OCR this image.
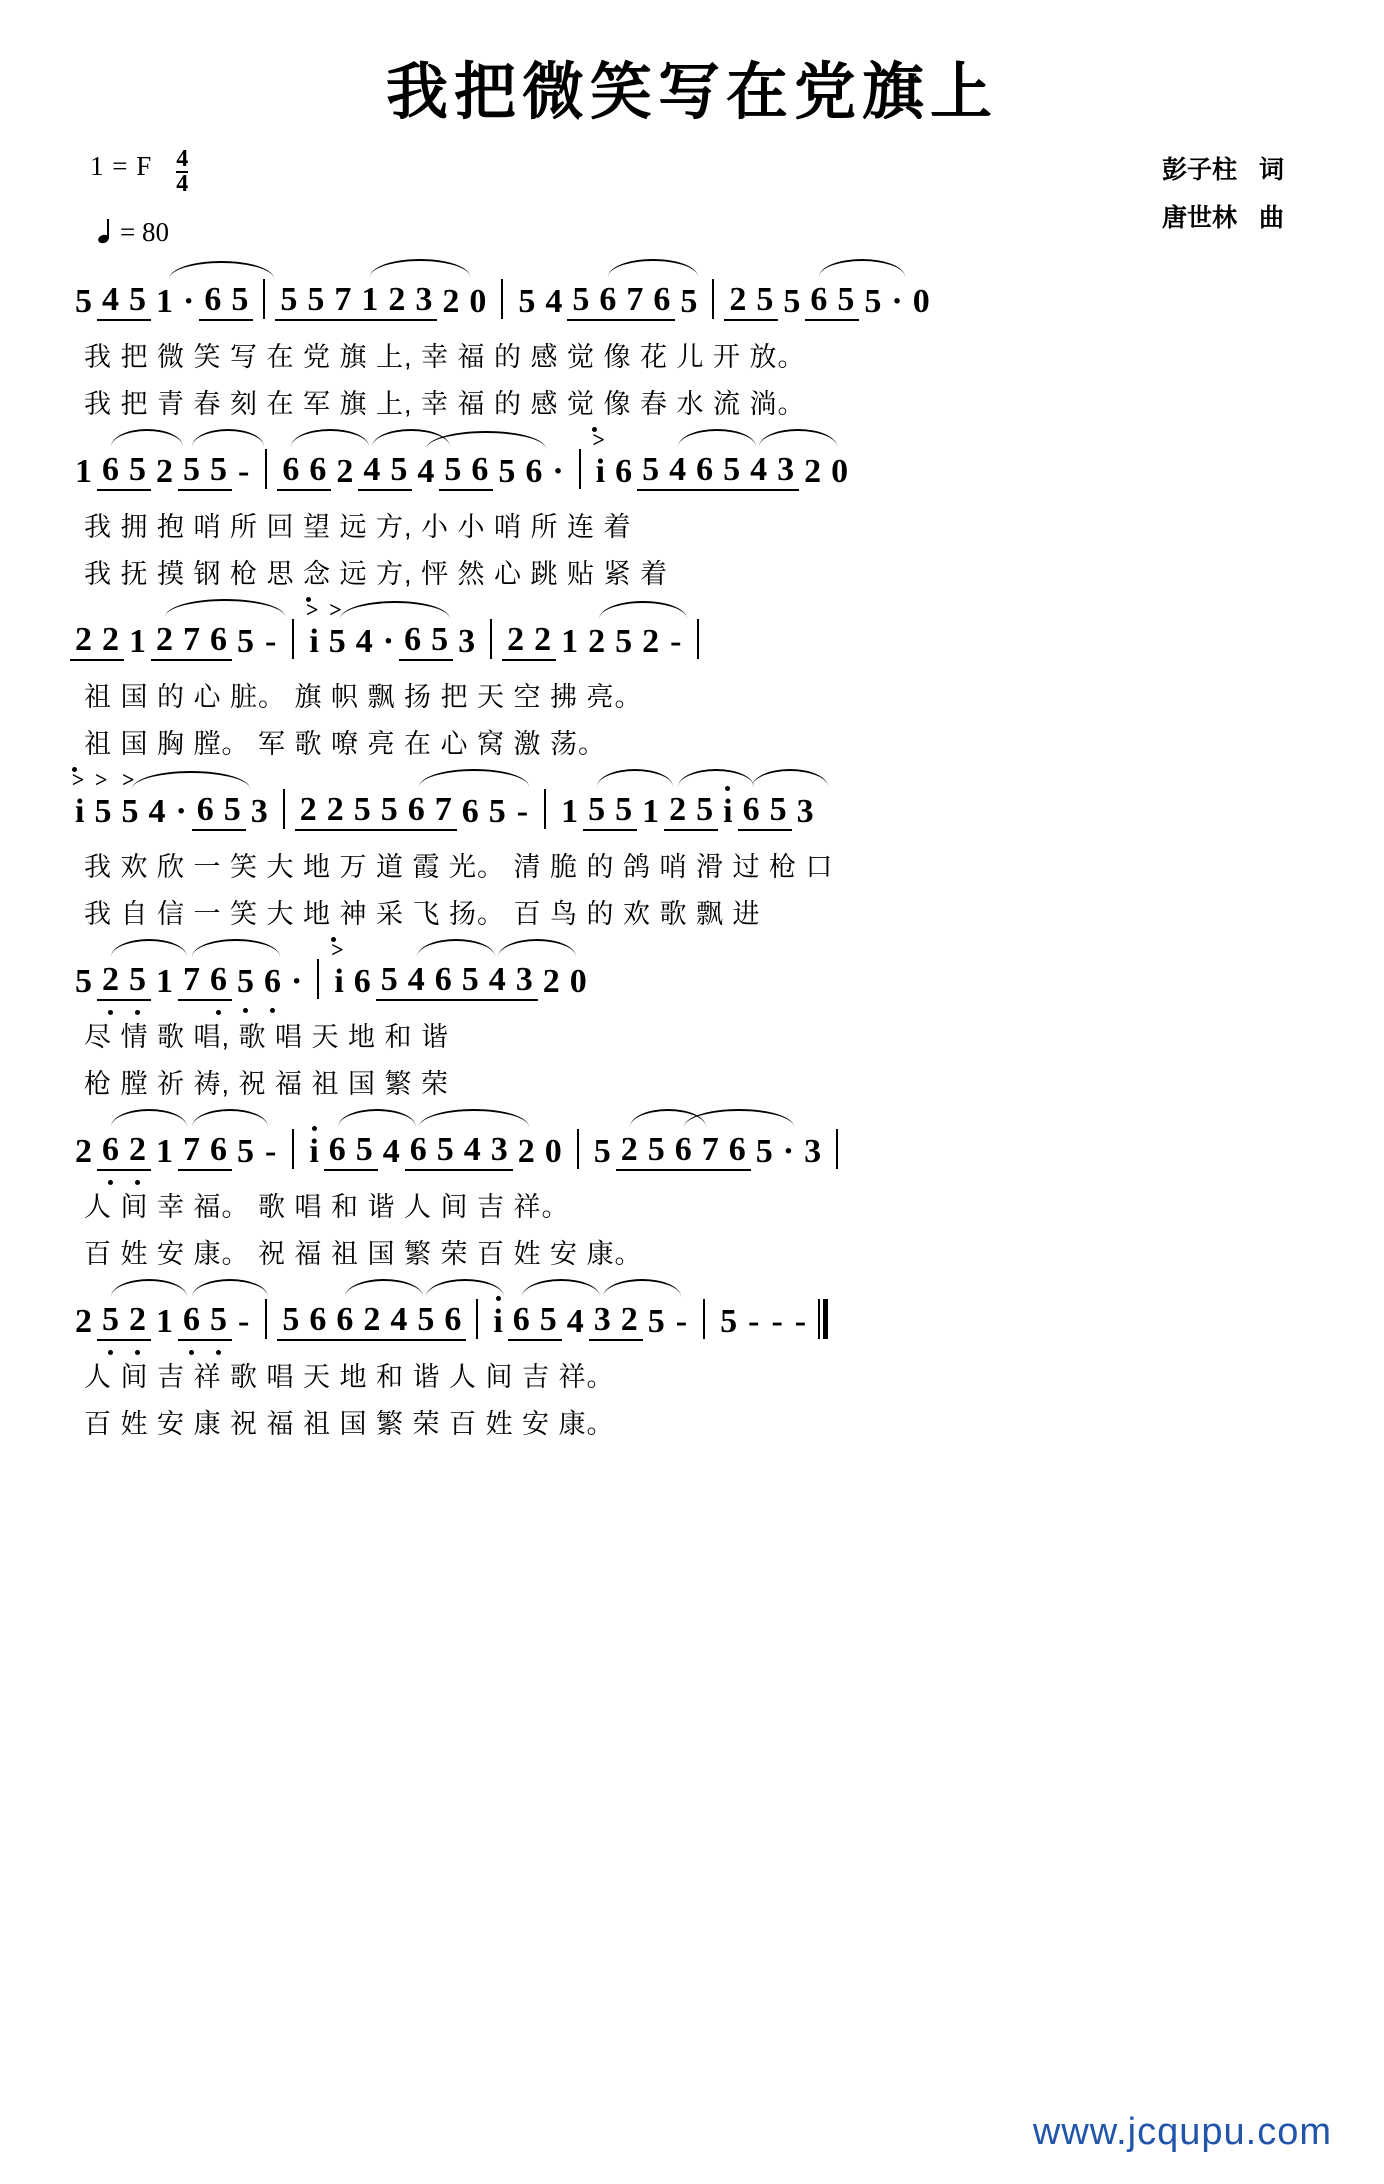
我把微笑写在党旗上
1 = F $\frac{4}{4}$
= 80
彭子柱 词
唐世林 曲
5 4 5 1 · 6 5 5 5 7 1 2 3 2 0 5 4 5 6 7 6 5 2 5 5 6 5 5 · 0
我 把 微 笑 写 在 党 旗 上, 幸 福 的 感 觉 像 花 儿 开 放。
我 把 青 春 刻 在 军 旗 上, 幸 福 的 感 觉 像 春 水 流 淌。
1 6 5 2 5 5 - 6 6 2 4 5 4 5 6 5 6 · > i 6 5 4 6 5 4 3 2 0
我 拥 抱 哨 所 回 望 远 方, 小 小 哨 所 连 着
我 抚 摸 钢 枪 思 念 远 方, 怦 然 心 跳 贴 紧 着
2 2 1 2 7 6 5 - > i > 5 4 · 6 5 3 2 2 1 2 5 2 -
祖 国 的 心 脏。 旗 帜 飘 扬 把 天 空 拂 亮。
祖 国 胸 膛。 军 歌 嘹 亮 在 心 窝 激 荡。
> i > 5 > 5 4 · 6 5 3 2 2 5 5 6 7 6 5 - 1 5 5 1 2 5 i 6 5 3
我 欢 欣 一 笑 大 地 万 道 霞 光。 清 脆 的 鸽 哨 滑 过 枪 口
我 自 信 一 笑 大 地 神 采 飞 扬。 百 鸟 的 欢 歌 飘 进
5 2 5 1 7 6 5 6 · > i 6 5 4 6 5 4 3 2 0
尽 情 歌 唱, 歌 唱 天 地 和 谐
枪 膛 祈 祷, 祝 福 祖 国 繁 荣
2 6 2 1 7 6 5 - i 6 5 4 6 5 4 3 2 0 5 2 5 6 7 6 5 · 3
人 间 幸 福。 歌 唱 和 谐 人 间 吉 祥。
百 姓 安 康。 祝 福 祖 国 繁 荣 百 姓 安 康。
2 5 2 1 6 5 - 5 6 6 2 4 5 6 i 6 5 4 3 2 5 - 5 - - -
人 间 吉 祥 歌 唱 天 地 和 谐 人 间 吉 祥。
百 姓 安 康 祝 福 祖 国 繁 荣 百 姓 安 康。
www.jcqupu.com
